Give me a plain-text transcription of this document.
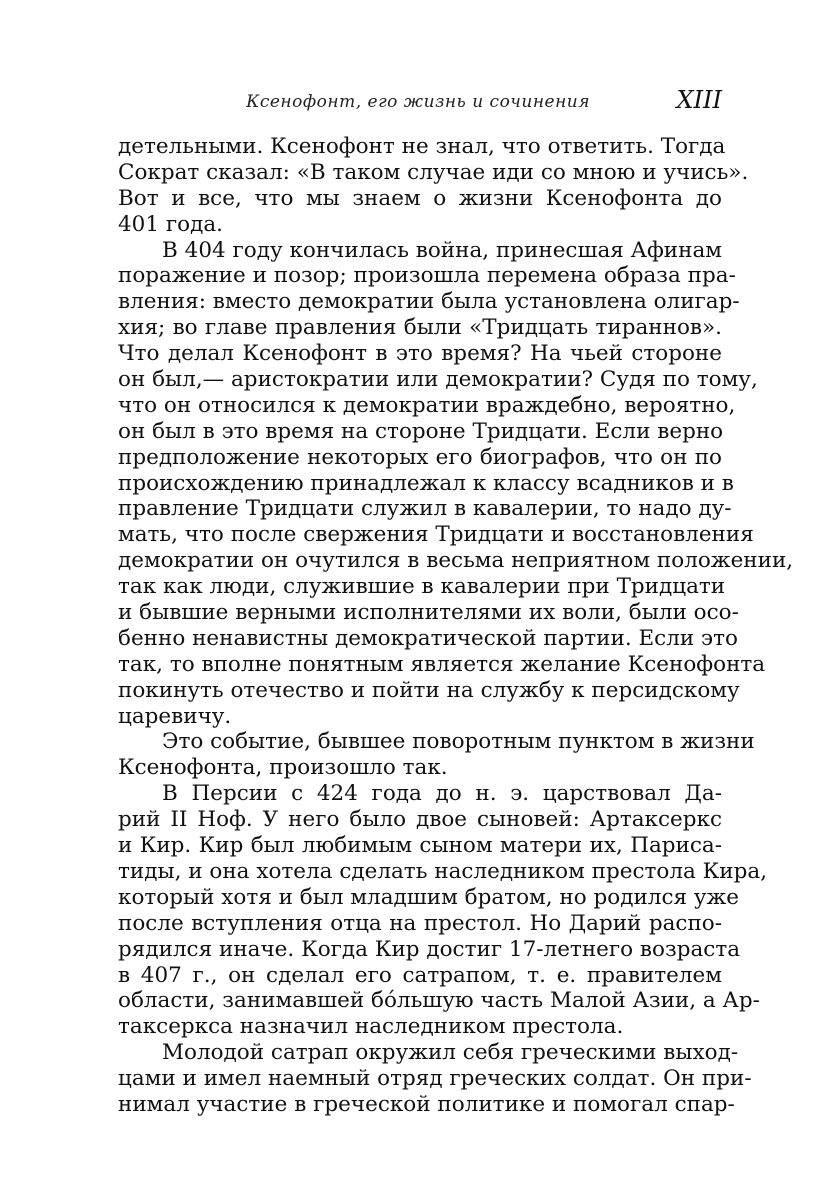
Ксенофонт, его жизнь и сочинения	XIII
детельными. Ксенофонт не знал, что ответить. Тогда
Сократ сказал: «В таком случае иди со мною и учись».
Вот и все, что мы знаем о жизни Ксенофонта до
401 года.
В 404 году кончилась война, принесшая Афинам
поражение и позор; произошла перемена образа пра-
вления: вместо демократии была установлена олигар-
хия; во главе правления были «Тридцать тираннов».
Что делал Ксенофонт в это время? На чьей стороне
он был,— аристократии или демократии? Судя по тому,
что он относился к демократии враждебно, вероятно,
он был в это время на стороне Тридцати. Если верно
предположение некоторых его биографов, что он по
происхождению принадлежал к классу всадников и в
правление Тридцати служил в кавалерии, то надо ду-
мать, что после свержения Тридцати и восстановления
демократии он очутился в весьма неприятном положении,
так как люди, служившие в кавалерии при Тридцати
и бывшие верными исполнителями их воли, были осо-
бенно ненавистны демократической партии. Если это
так, то вполне понятным является желание Ксенофонта
покинуть отечество и пойти на службу к персидскому
царевичу.
Это событие, бывшее поворотным пунктом в жизни
Ксенофонта, произошло так.
В Персии с 424 года до н. э. царствовал Да-
рий II Ноф. У него было двое сыновей: Артаксеркс
и Кир. Кир был любимым сыном матери их, Париса-
тиды, и она хотела сделать наследником престола Кира,
который хотя и был младшим братом, но родился уже
после вступления отца на престол. Но Дарий распо-
рядился иначе. Когда Кир достиг 17-летнего возраста
в 407 г., он сделал его сатрапом, т. е. правителем
области, занимавшей бóльшую часть Малой Азии, а Ар-
таксеркса назначил наследником престола.
Молодой сатрап окружил себя греческими выход-
цами и имел наемный отряд греческих солдат. Он при-
нимал участие в греческой политике и помогал спар-
